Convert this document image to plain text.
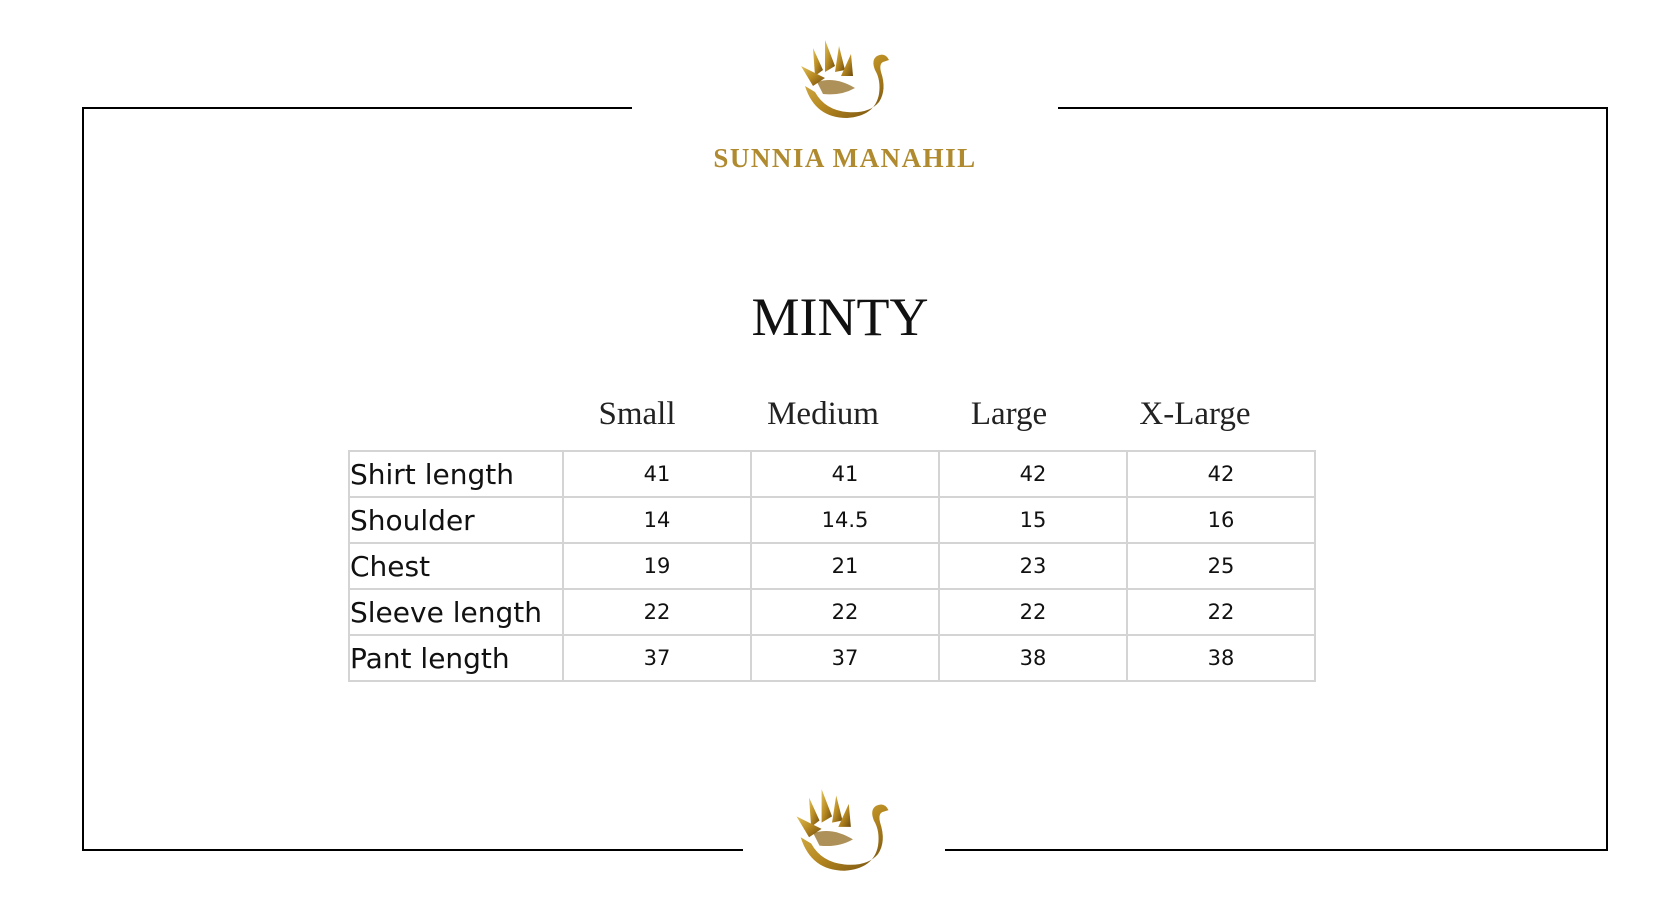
SUNNIA MANAHIL
MINTY
Small	Medium	Large	X-Large
Shirt length	41	41	42	42
Shoulder	14	14.5	15	16
Chest	19	21	23	25
Sleeve length	22	22	22	22
Pant length	37	37	38	38
